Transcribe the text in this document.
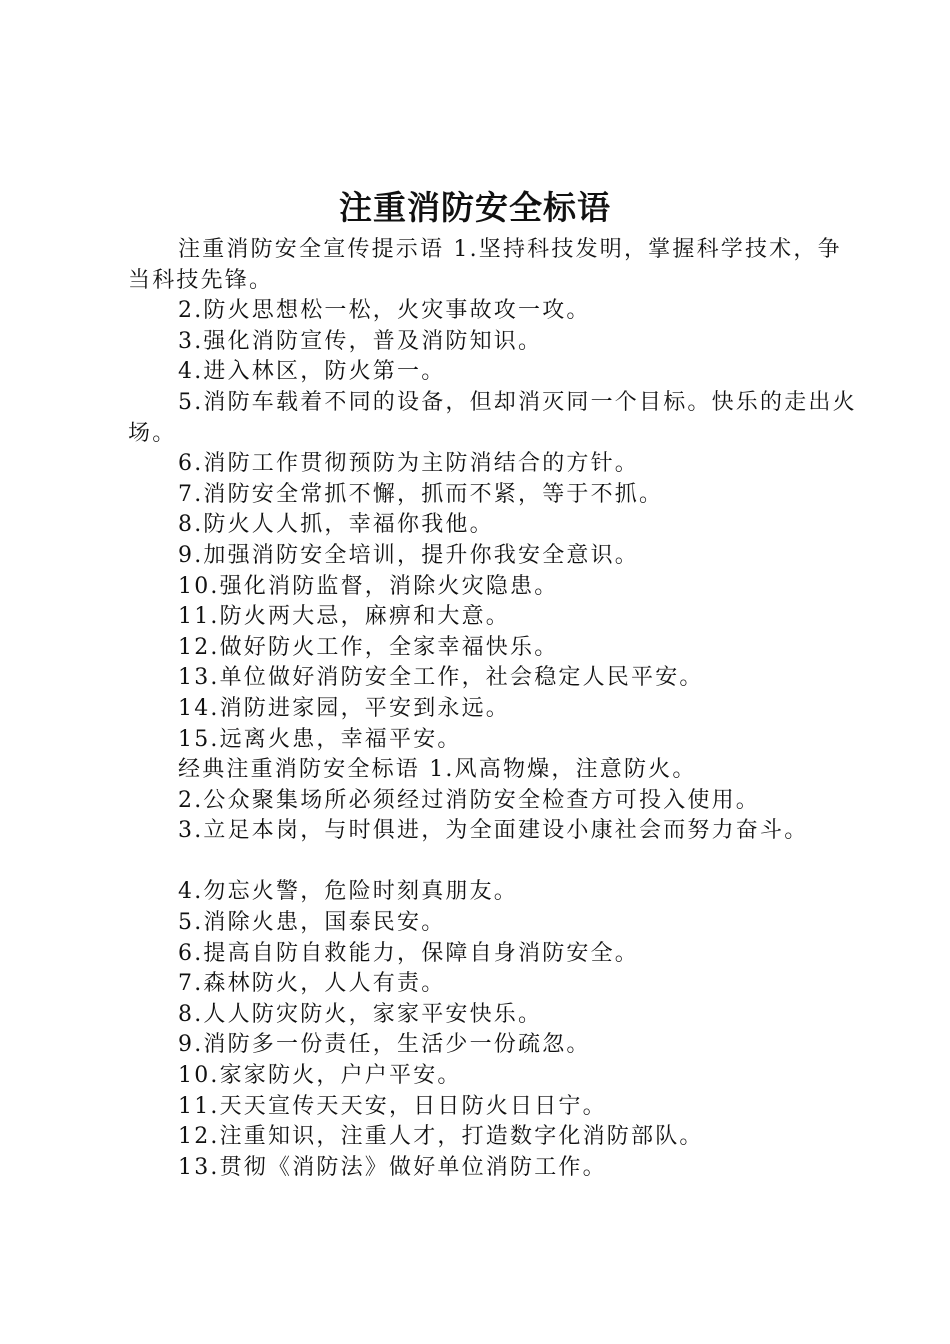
注重消防安全标语

注重消防安全宣传提示语 1.坚持科技发明，掌握科学技术，争当科技先锋。

2.防火思想松一松，火灾事故攻一攻。

3.强化消防宣传，普及消防知识。

4.进入林区，防火第一。

5.消防车载着不同的设备，但却消灭同一个目标。快乐的走出火场。

6.消防工作贯彻预防为主防消结合的方针。

7.消防安全常抓不懈，抓而不紧，等于不抓。

8.防火人人抓，幸福你我他。

9.加强消防安全培训，提升你我安全意识。

10.强化消防监督，消除火灾隐患。

11.防火两大忌，麻痹和大意。

12.做好防火工作，全家幸福快乐。

13.单位做好消防安全工作，社会稳定人民平安。

14.消防进家园，平安到永远。

15.远离火患，幸福平安。

经典注重消防安全标语 1.风高物燥，注意防火。

2.公众聚集场所必须经过消防安全检查方可投入使用。

3.立足本岗，与时俱进，为全面建设小康社会而努力奋斗。

4.勿忘火警，危险时刻真朋友。

5.消除火患，国泰民安。

6.提高自防自救能力，保障自身消防安全。

7.森林防火，人人有责。

8.人人防灾防火，家家平安快乐。

9.消防多一份责任，生活少一份疏忽。

10.家家防火，户户平安。

11.天天宣传天天安，日日防火日日宁。

12.注重知识，注重人才，打造数字化消防部队。

13.贯彻《消防法》做好单位消防工作。
